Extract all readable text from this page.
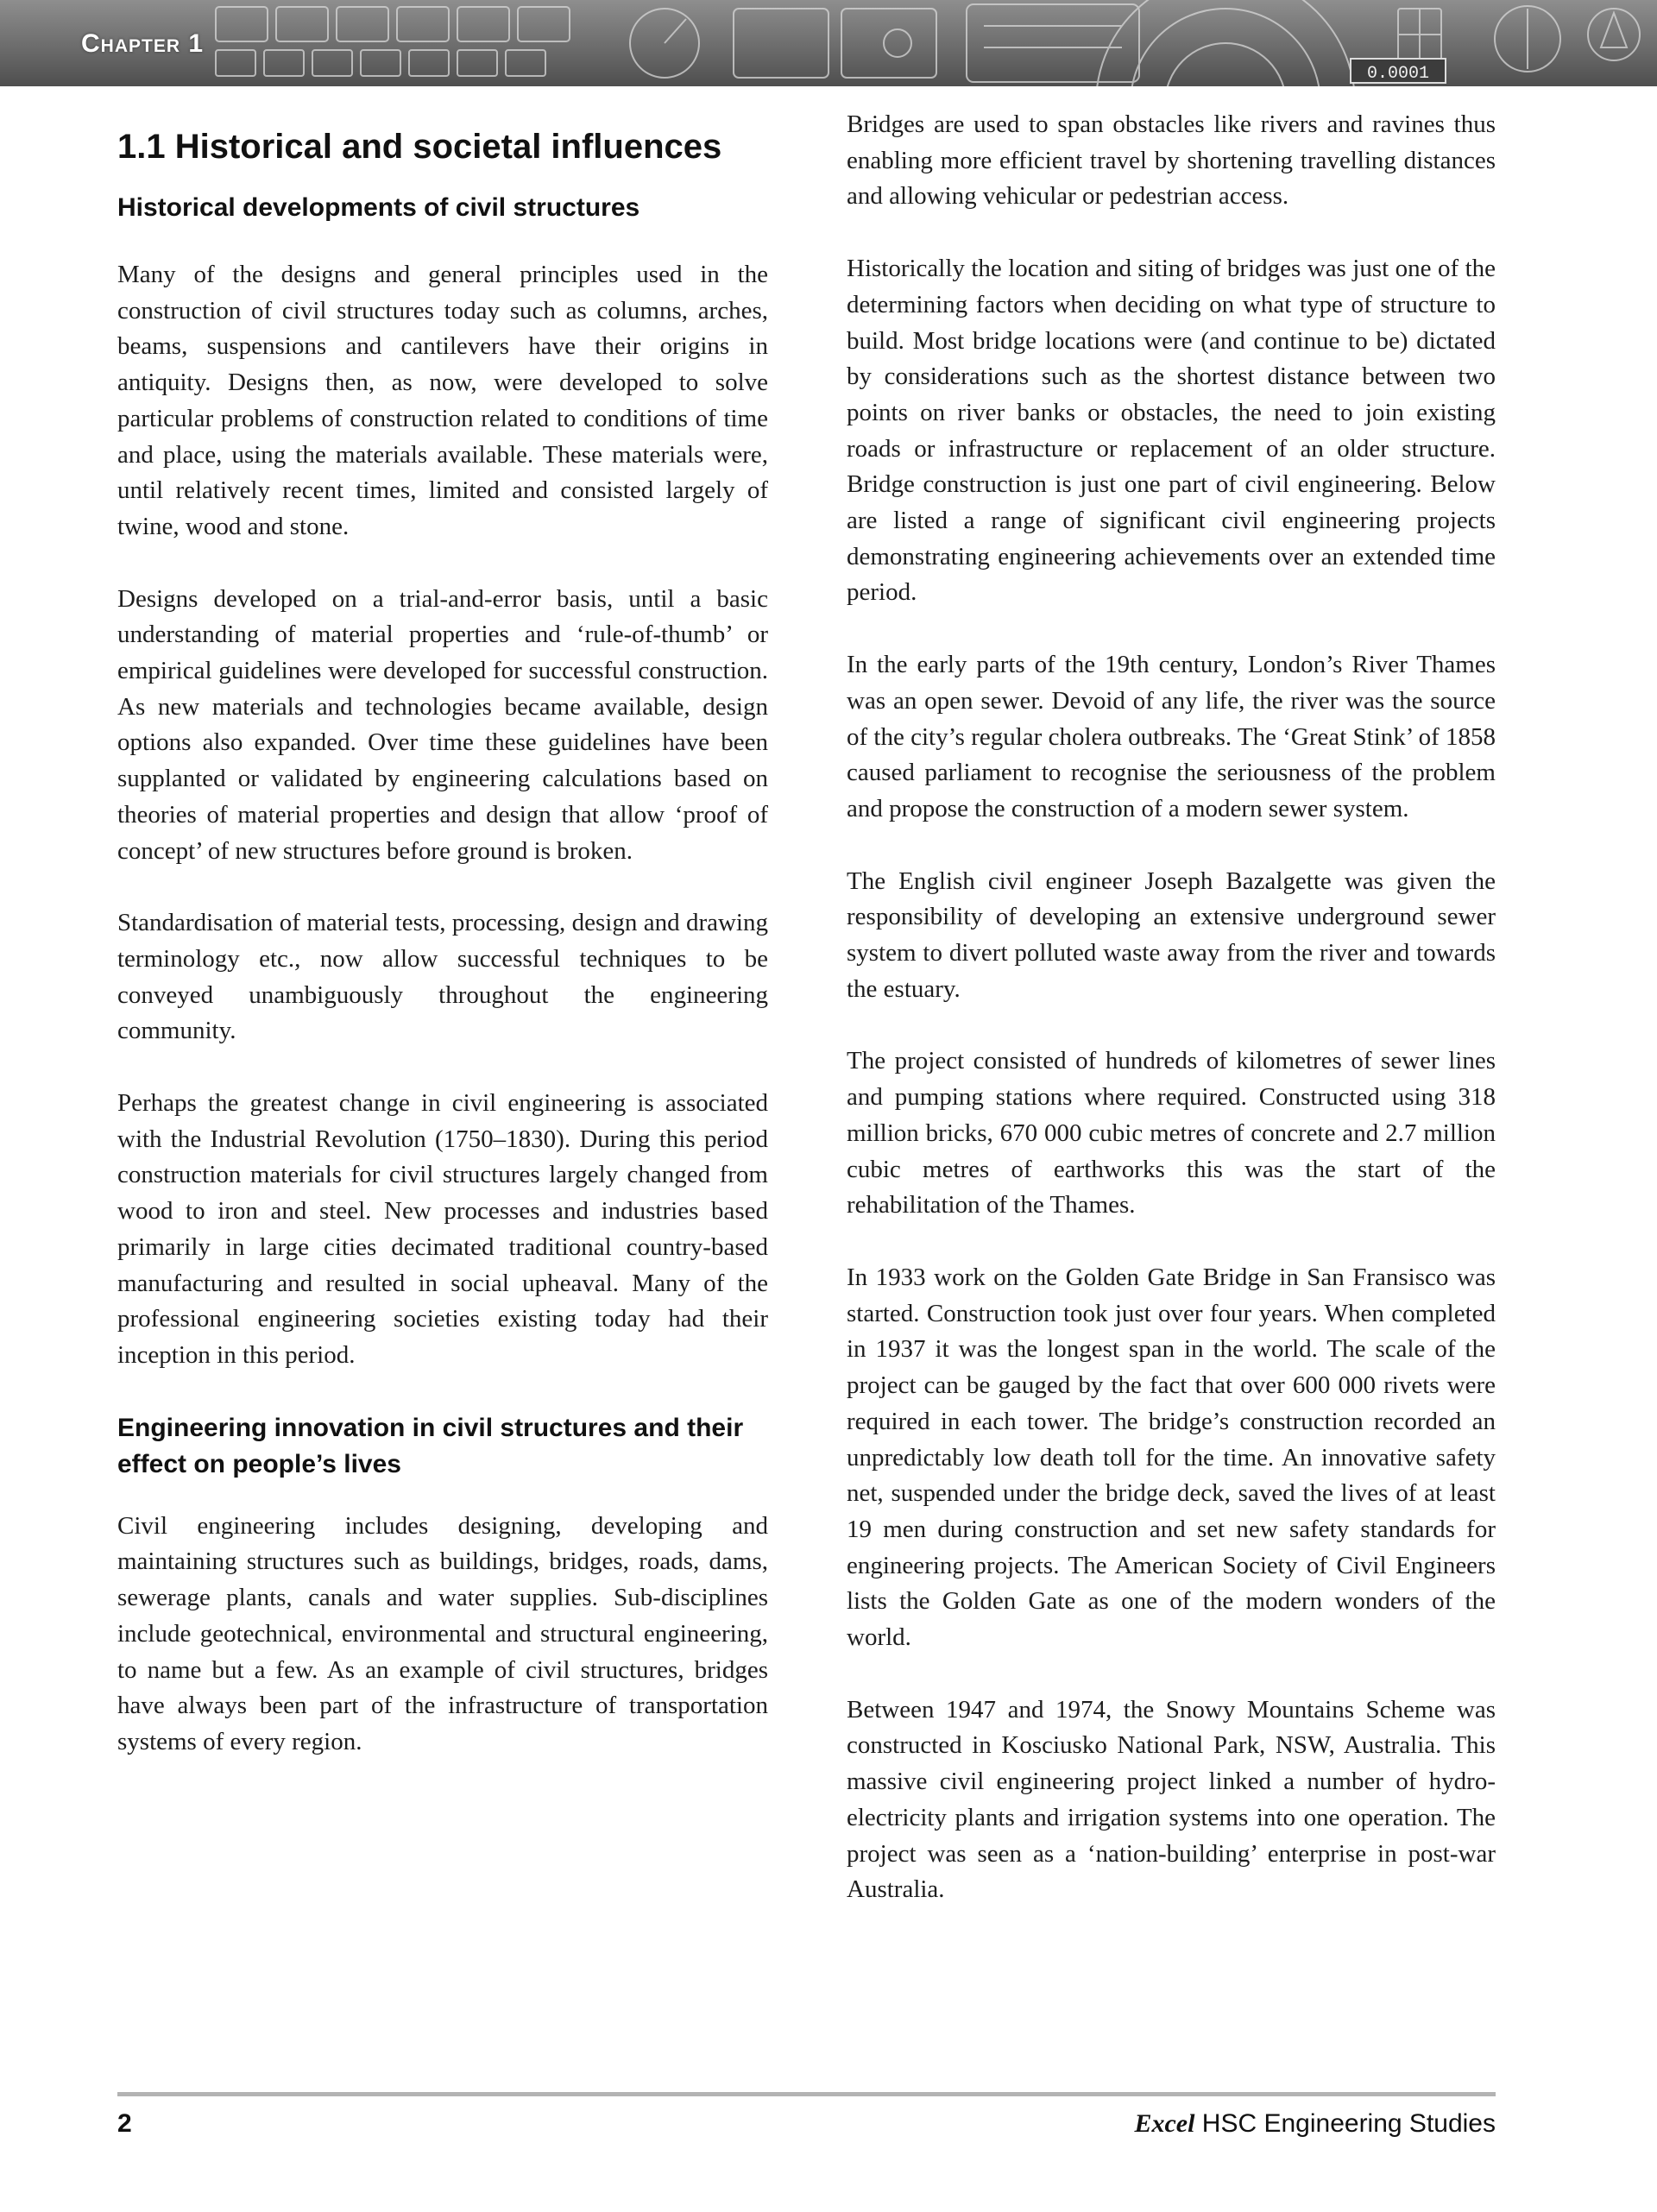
0.0001
Chapter 1
1.1 Historical and societal influences
Historical developments of civil structures

Many of the designs and general principles used in the construction of civil structures today such as columns, arches, beams, suspensions and cantilevers have their origins in antiquity. Designs then, as now, were developed to solve particular problems of construction related to conditions of time and place, using the materials available. These materials were, until relatively recent times, limited and consisted largely of twine, wood and stone.

Designs developed on a trial-and-error basis, until a basic understanding of material properties and ‘rule-of-thumb’ or empirical guidelines were developed for successful construction. As new materials and technologies became available, design options also expanded. Over time these guidelines have been supplanted or validated by engineering calculations based on theories of material properties and design that allow ‘proof of concept’ of new structures before ground is broken.

Standardisation of material tests, processing, design and drawing terminology etc., now allow successful techniques to be conveyed unambiguously throughout the engineering community.

Perhaps the greatest change in civil engineering is associated with the Industrial Revolution (1750–1830). During this period construction materials for civil structures largely changed from wood to iron and steel. New processes and industries based primarily in large cities decimated traditional country-based manufacturing and resulted in social upheaval. Many of the professional engineering societies existing today had their inception in this period.

Engineering innovation in civil structures and their effect on people’s lives

Civil engineering includes designing, developing and maintaining structures such as buildings, bridges, roads, dams, sewerage plants, canals and water supplies. Sub-disciplines include geotechnical, environmental and structural engineering, to name but a few. As an example of civil structures, bridges have always been part of the infrastructure of transportation systems of every region.

Bridges are used to span obstacles like rivers and ravines thus enabling more efficient travel by shortening travelling distances and allowing vehicular or pedestrian access.

Historically the location and siting of bridges was just one of the determining factors when deciding on what type of structure to build. Most bridge locations were (and continue to be) dictated by considerations such as the shortest distance between two points on river banks or obstacles, the need to join existing roads or infrastructure or replacement of an older structure. Bridge construction is just one part of civil engineering. Below are listed a range of significant civil engineering projects demonstrating engineering achievements over an extended time period.

In the early parts of the 19th century, London’s River Thames was an open sewer. Devoid of any life, the river was the source of the city’s regular cholera outbreaks. The ‘Great Stink’ of 1858 caused parliament to recognise the seriousness of the problem and propose the construction of a modern sewer system.

The English civil engineer Joseph Bazalgette was given the responsibility of developing an extensive underground sewer system to divert polluted waste away from the river and towards the estuary.

The project consisted of hundreds of kilometres of sewer lines and pumping stations where required. Constructed using 318 million bricks, 670 000 cubic metres of concrete and 2.7 million cubic metres of earthworks this was the start of the rehabilitation of the Thames.

In 1933 work on the Golden Gate Bridge in San Fransisco was started. Construction took just over four years. When completed in 1937 it was the longest span in the world. The scale of the project can be gauged by the fact that over 600 000 rivets were required in each tower. The bridge’s construction recorded an unpredictably low death toll for the time. An innovative safety net, suspended under the bridge deck, saved the lives of at least 19 men during construction and set new safety standards for engineering projects. The American Society of Civil Engineers lists the Golden Gate as one of the modern wonders of the world.

Between 1947 and 1974, the Snowy Mountains Scheme was constructed in Kosciusko National Park, NSW, Australia. This massive civil engineering project linked a number of hydro-electricity plants and irrigation systems into one operation. The project was seen as a ‘nation-building’ enterprise in post-war Australia.

2	Excel HSC Engineering Studies
